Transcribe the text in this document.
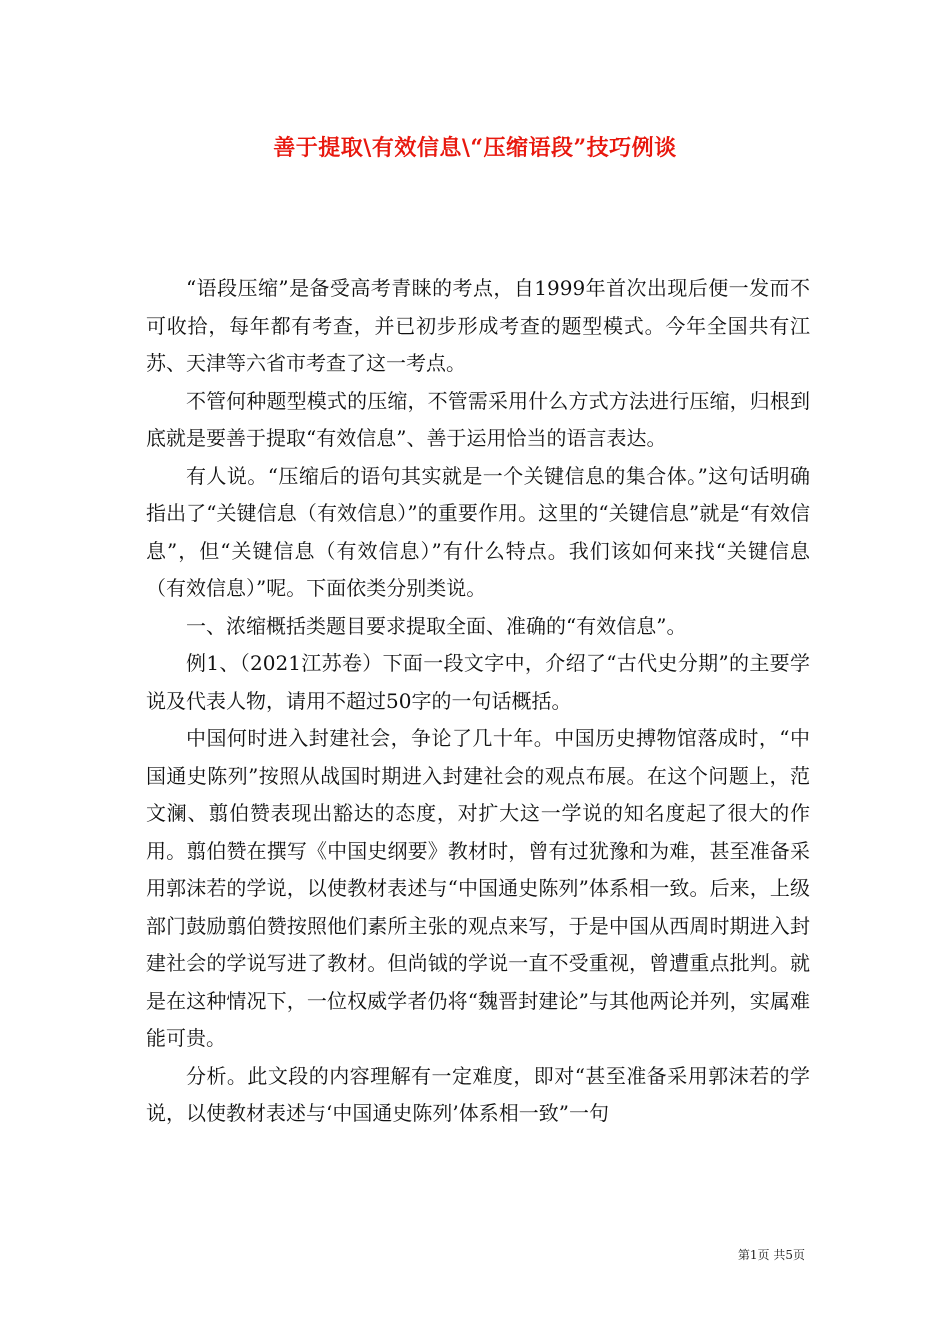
善于提取\有效信息\“压缩语段”技巧例谈

“语段压缩”是备受高考青睐的考点，自1999年首次出现后便一发而不可收拾，每年都有考查，并已初步形成考查的题型模式。今年全国共有江苏、天津等六省市考查了这一考点。

不管何种题型模式的压缩，不管需采用什么方式方法进行压缩，归根到底就是要善于提取“有效信息”、善于运用恰当的语言表达。

有人说。“压缩后的语句其实就是一个关键信息的集合体。”这句话明确指出了“关键信息（有效信息）”的重要作用。这里的“关键信息”就是“有效信息”，但“关键信息（有效信息）”有什么特点。我们该如何来找“关键信息（有效信息）”呢。下面依类分别类说。

一、浓缩概括类题目要求提取全面、准确的“有效信息”。

例1、（2021江苏卷）下面一段文字中，介绍了“古代史分期”的主要学说及代表人物，请用不超过50字的一句话概括。

中国何时进入封建社会，争论了几十年。中国历史搏物馆落成时，“中国通史陈列”按照从战国时期进入封建社会的观点布展。在这个问题上，范文澜、翦伯赞表现出豁达的态度，对扩大这一学说的知名度起了很大的作用。翦伯赞在撰写《中国史纲要》教材时，曾有过犹豫和为难，甚至准备采用郭沫若的学说，以使教材表述与“中国通史陈列”体系相一致。后来，上级部门鼓励翦伯赞按照他们素所主张的观点来写，于是中国从西周时期进入封建社会的学说写进了教材。但尚钺的学说一直不受重视，曾遭重点批判。就是在这种情况下，一位权威学者仍将“魏晋封建论”与其他两论并列，实属难能可贵。

分析。此文段的内容理解有一定难度，即对“甚至准备采用郭沫若的学说，以使教材表述与‘中国通史陈列’体系相一致”一句

第1页 共5页
